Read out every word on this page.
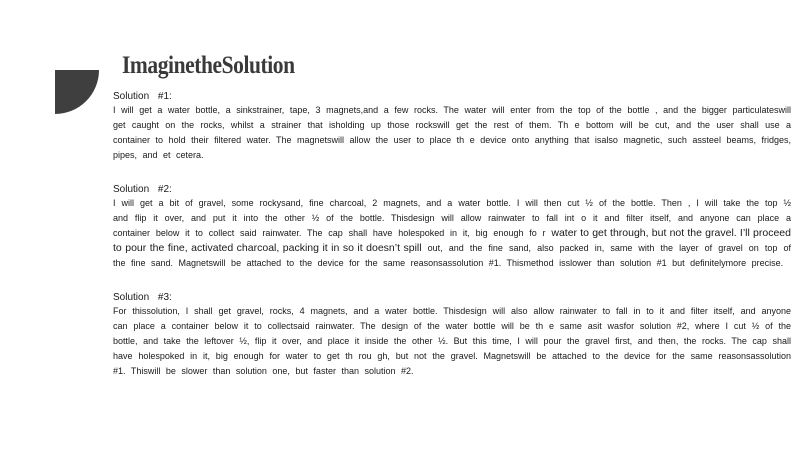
ImaginetheSolution
Solution #1:

I will get a water bottle, a sinkstrainer, tape, 3 magnets,and a few rocks. The water will enter from the top of the bottle , and the bigger particulateswill get caught on the rocks, whilst a strainer that isholding up those rockswill get the rest of them. Th e bottom will be cut, and the user shall use a container to hold their filtered water. The magnetswill allow the user to place th e device onto anything that isalso magnetic, such assteel beams, fridges, pipes, and et cetera.

Solution #2:

I will get a bit of gravel, some rockysand, fine charcoal, 2 magnets, and a water bottle. I will then cut ½ of the bottle. Then , I will take the top ½ and flip it over, and put it into the other ½ of the bottle. Thisdesign will allow rainwater to fall int o it and filter itself, and anyone can place a container below it to collect said rainwater. The cap shall have holespoked in it, big enough fo r water to get through, but not the gravel. I’ll proceed to pour the fine, activated charcoal, packing it in so it doesn’t spill out, and the fine sand, also packed in, same with the layer of gravel on top of the fine sand. Magnetswill be attached to the device for the same reasonsassolution #1. Thismethod isslower than solution #1 but definitelymore precise.

Solution #3:

For thissolution, I shall get gravel, rocks, 4 magnets, and a water bottle. Thisdesign will also allow rainwater to fall in to it and filter itself, and anyone can place a container below it to collectsaid rainwater. The design of the water bottle will be th e same asit wasfor solution #2, where I cut ½ of the bottle, and take the leftover ½, flip it over, and place it inside the other ½. But this time, I will pour the gravel first, and then, the rocks. The cap shall have holespoked in it, big enough for water to get th rou gh, but not the gravel. Magnetswill be attached to the device for the same reasonsassolution #1. Thiswill be slower than solution one, but faster than solution #2.
